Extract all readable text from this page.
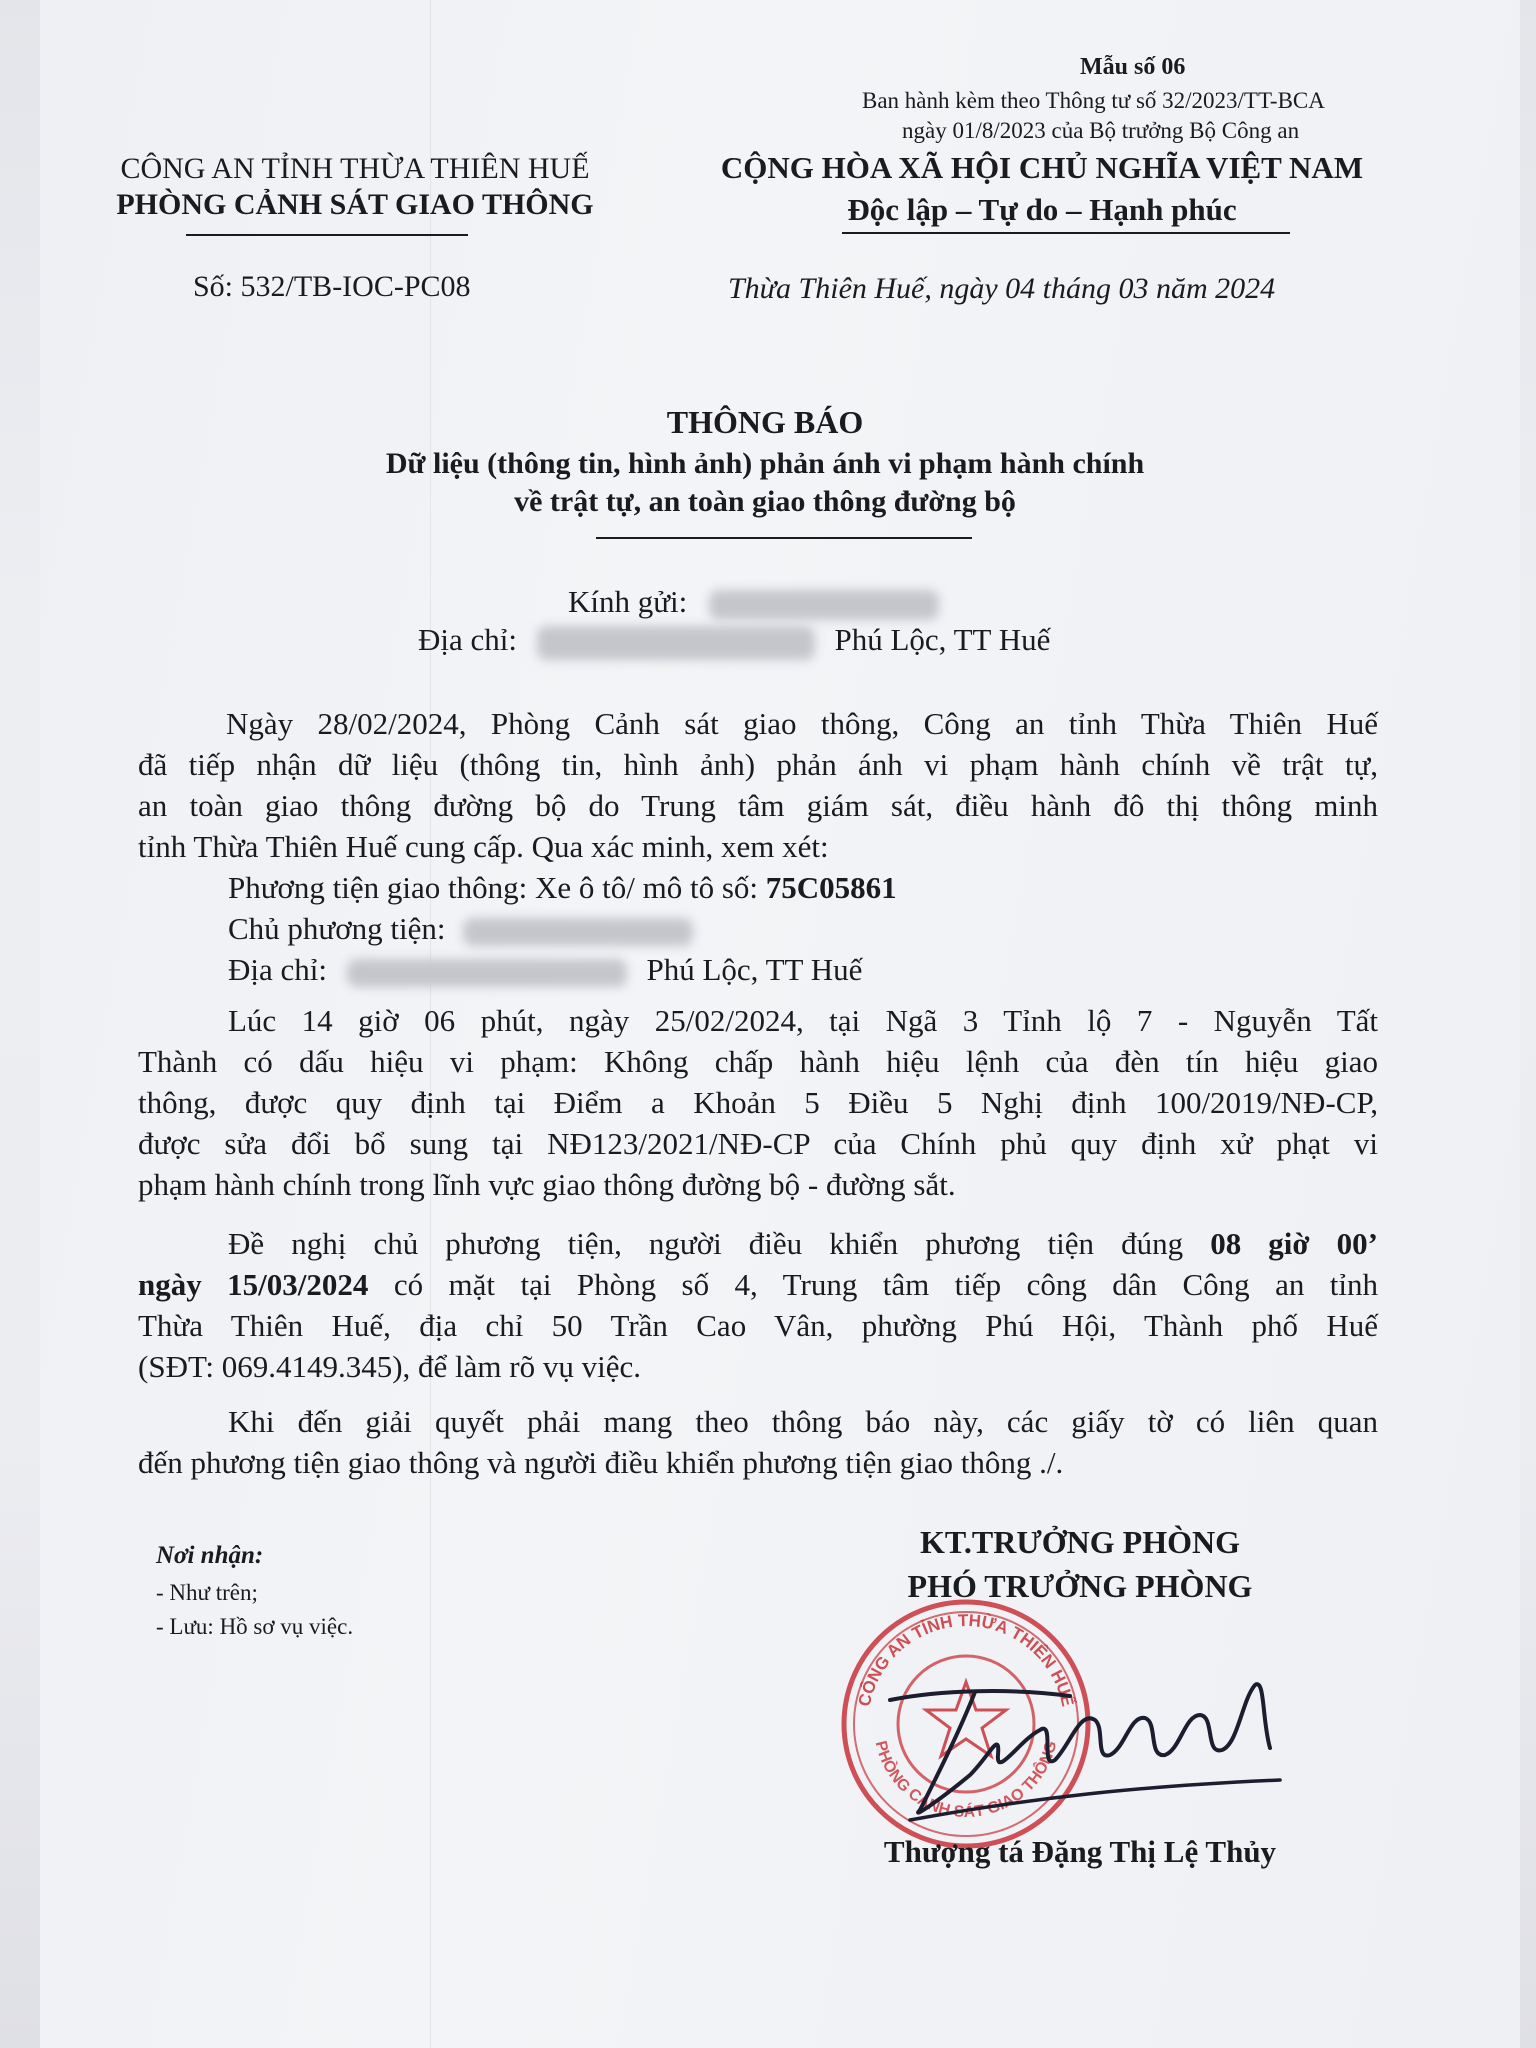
Mẫu số 06
Ban hành kèm theo Thông tư số 32/2023/TT-BCA
ngày 01/8/2023 của Bộ trưởng Bộ Công an
CÔNG AN TỈNH THỪA THIÊN HUẾ
PHÒNG CẢNH SÁT GIAO THÔNG
Số: 532/TB-IOC-PC08
CỘNG HÒA XÃ HỘI CHỦ NGHĨA VIỆT NAM
Độc lập – Tự do – Hạnh phúc
Thừa Thiên Huế, ngày 04 tháng 03 năm 2024
THÔNG BÁO
Dữ liệu (thông tin, hình ảnh) phản ánh vi phạm hành chính
về trật tự, an toàn giao thông đường bộ
Kính gửi:
Địa chỉ:	Phú Lộc, TT Huế
Ngày 28/02/2024, Phòng Cảnh sát giao thông, Công an tỉnh Thừa Thiên Huế
đã tiếp nhận dữ liệu (thông tin, hình ảnh) phản ánh vi phạm hành chính về trật tự,
an toàn giao thông đường bộ do Trung tâm giám sát, điều hành đô thị thông minh
tỉnh Thừa Thiên Huế cung cấp. Qua xác minh, xem xét:
Phương tiện giao thông: Xe ô tô/ mô tô số: 75C05861
Chủ phương tiện:
Địa chỉ:	Phú Lộc, TT Huế
Lúc 14 giờ 06 phút, ngày 25/02/2024, tại Ngã 3 Tỉnh lộ 7 - Nguyễn Tất
Thành có dấu hiệu vi phạm: Không chấp hành hiệu lệnh của đèn tín hiệu giao
thông, được quy định tại Điểm a Khoản 5 Điều 5 Nghị định 100/2019/NĐ-CP,
được sửa đổi bổ sung tại NĐ123/2021/NĐ-CP của Chính phủ quy định xử phạt vi
phạm hành chính trong lĩnh vực giao thông đường bộ - đường sắt.
Đề nghị chủ phương tiện, người điều khiển phương tiện đúng 08 giờ 00’
ngày 15/03/2024 có mặt tại Phòng số 4, Trung tâm tiếp công dân Công an tỉnh
Thừa Thiên Huế, địa chỉ 50 Trần Cao Vân, phường Phú Hội, Thành phố Huế
(SĐT: 069.4149.345), để làm rõ vụ việc.
Khi đến giải quyết phải mang theo thông báo này, các giấy tờ có liên quan
đến phương tiện giao thông và người điều khiển phương tiện giao thông ./.
Nơi nhận:
- Như trên;
- Lưu: Hồ sơ vụ việc.
KT.TRƯỞNG PHÒNG
PHÓ TRƯỞNG PHÒNG
CÔNG AN TỈNH THỪA THIÊN HUẾ
PHÒNG CẢNH SÁT GIAO THÔNG
Thượng tá Đặng Thị Lệ Thủy
